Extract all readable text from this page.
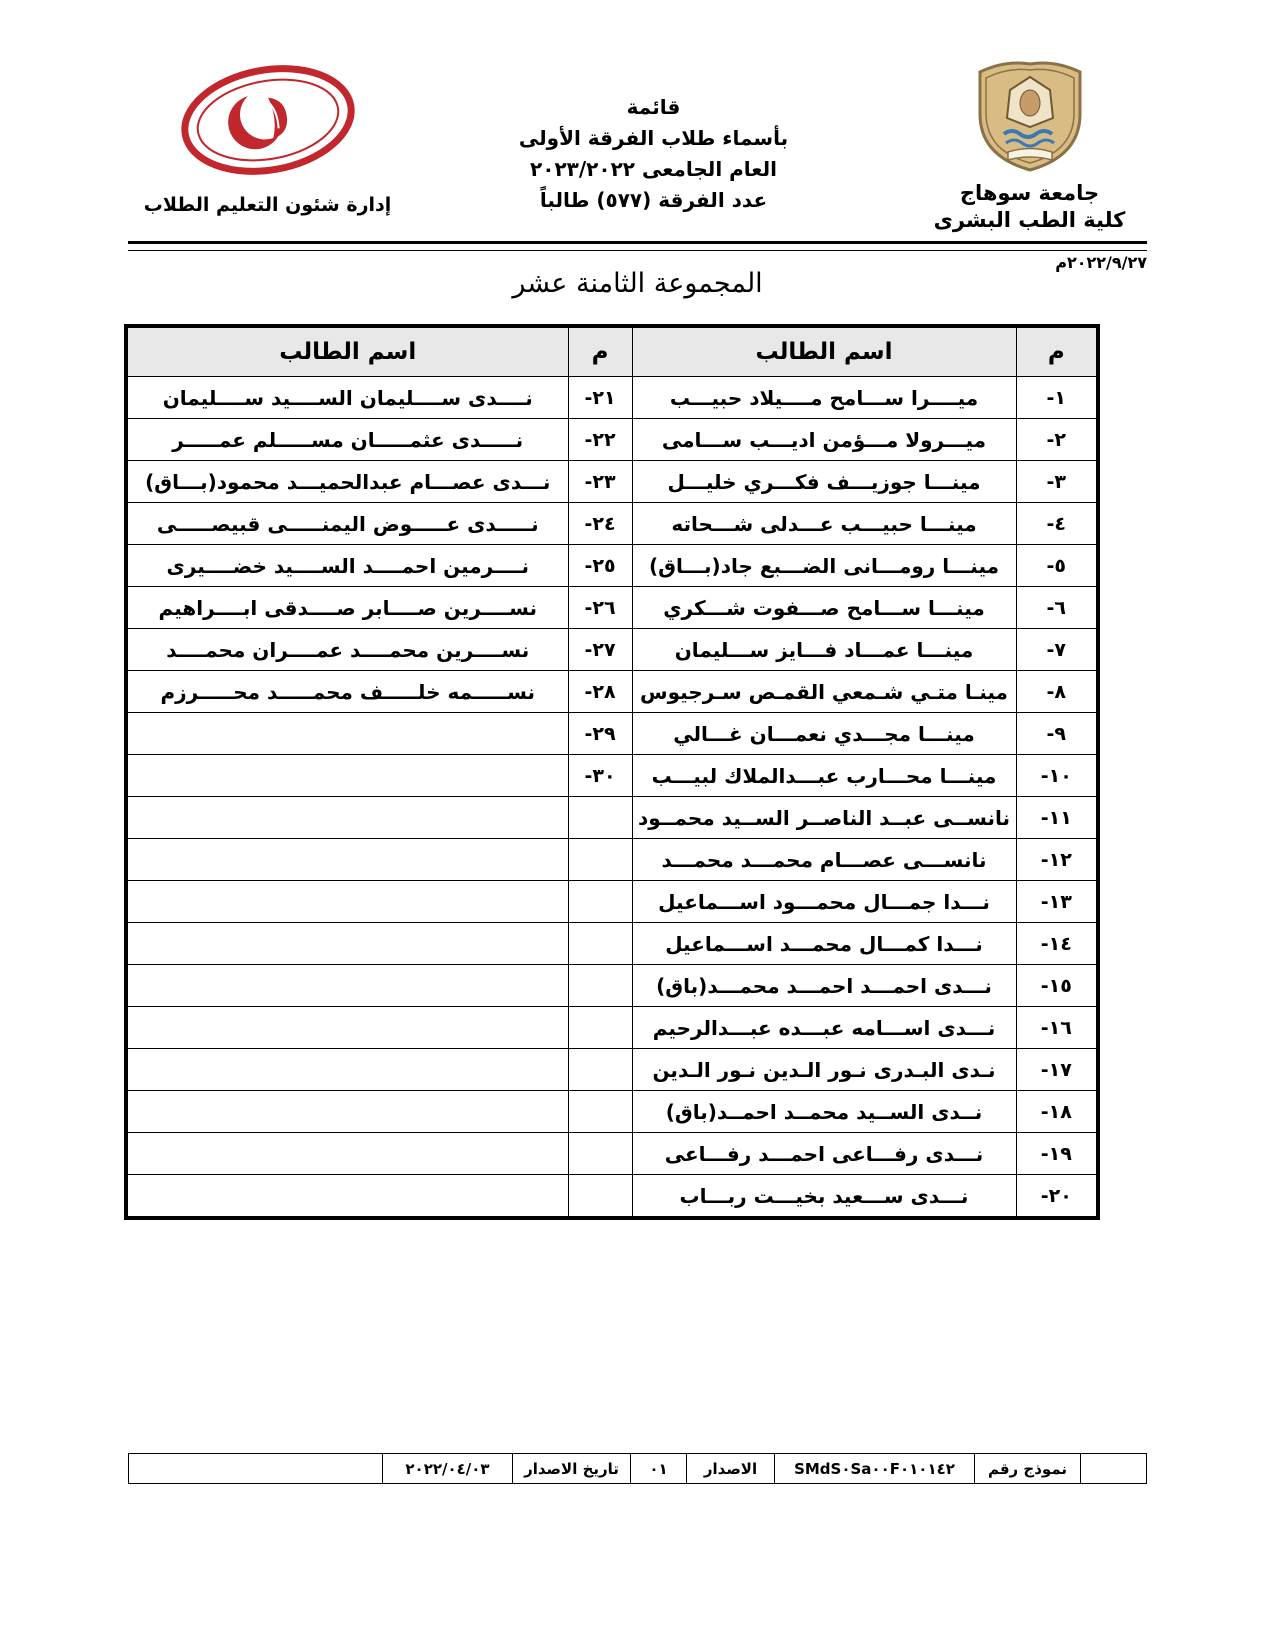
جامعة سوهاج
كلية الطب البشرى
قائمة
بأسماء طلاب الفرقة الأولى
العام الجامعى ٢٠٢٣/٢٠٢٢
عدد الفرقة (٥٧٧) طالباً
إدارة شئون التعليم الطلاب
٢٠٢٢/٩/٢٧م
المجموعة الثامنة عشر
م	اسم الطالب	م	اسم الطالب
١-	ميــــرا ســـامح مــــيلاد حبيـــب	٢١-	نــــدى ســــليمان الســــيد ســــليمان
٢-	ميـــرولا مـــؤمن اديـــب ســـامى	٢٢-	نـــــدى عثمـــــان مســـــلم عمـــــر
٣-	مينـــا جوزيـــف فكـــري خليـــل	٢٣-	نـــدى عصـــام عبدالحميـــد محمود(بـــاق)
٤-	مينـــا حبيـــب عـــدلى شـــحاته	٢٤-	نـــــدى عـــــوض اليمنـــــى قبيصـــــى
٥-	مينـــا رومـــانى الضـــبع جاد(بـــاق)	٢٥-	نــــرمين احمــــد الســــيد خضــــيرى
٦-	مينـــا ســـامح صـــفوت شـــكري	٢٦-	نســــرين صــــابر صــــدقى ابــــراهيم
٧-	مينـــا عمـــاد فـــايز ســـليمان	٢٧-	نســــرين محمــــد عمــــران محمــــد
٨-	مينـا متـي شـمعي القمـص سـرجيوس	٢٨-	نســـــمه خلـــــف محمـــــد محـــــرزم
٩-	مينـــا مجـــدي نعمـــان غـــالي	٢٩-	
١٠-	مينـــا محـــارب عبـــدالملاك لبيـــب	٣٠-	
١١-	نانســى عبــد الناصــر الســيد محمــود		
١٢-	نانســـى عصـــام محمـــد محمـــد		
١٣-	نـــدا جمـــال محمـــود اســـماعيل		
١٤-	نـــدا كمـــال محمـــد اســـماعيل		
١٥-	نـــدى احمـــد احمـــد محمـــد(باق)		
١٦-	نـــدى اســـامه عبـــده عبـــدالرحيم		
١٧-	نـدى البـدرى نـور الـدين نـور الـدين		
١٨-	نــدى الســيد محمــد احمــد(باق)		
١٩-	نـــدى رفـــاعى احمـــد رفـــاعى		
٢٠-	نـــدى ســـعيد بخيـــت ربـــاب		
	نموذج رقم	SMdS٠Sa٠٠F٠١٠١٤٢	الاصدار	٠١	تاريخ الاصدار	٢٠٢٢/٠٤/٠٣	
